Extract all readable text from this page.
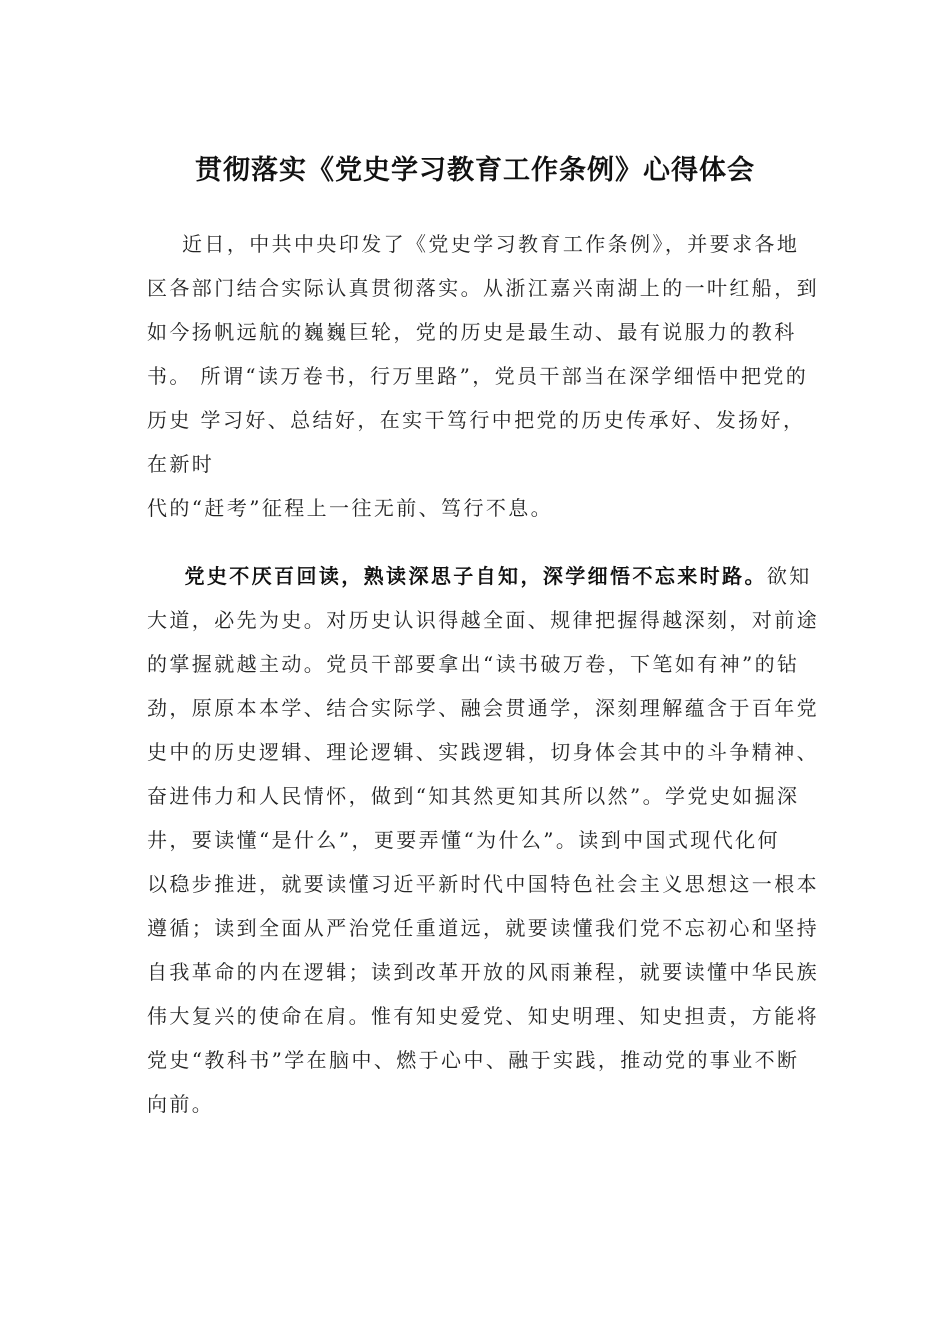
贯彻落实《党史学习教育工作条例》心得体会
近日，中共中央印发了《党史学习教育工作条例》，并要求各地
区各部门结合实际认真贯彻落实。从浙江嘉兴南湖上的一叶红船，到
如今扬帆远航的巍巍巨轮，党的历史是最生动、最有说服力的教科
书。 所谓“读万卷书，行万里路”，党员干部当在深学细悟中把党的
历史 学习好、总结好，在实干笃行中把党的历史传承好、发扬好，
在新时
代的“赶考”征程上一往无前、笃行不息。
党史不厌百回读，熟读深思子自知，深学细悟不忘来时路。欲知
大道，必先为史。对历史认识得越全面、规律把握得越深刻，对前途
的掌握就越主动。党员干部要拿出“读书破万卷，下笔如有神”的钻
劲，原原本本学、结合实际学、融会贯通学，深刻理解蕴含于百年党
史中的历史逻辑、理论逻辑、实践逻辑，切身体会其中的斗争精神、
奋进伟力和人民情怀，做到“知其然更知其所以然”。学党史如掘深
井，要读懂“是什么”，更要弄懂“为什么”。读到中国式现代化何
以稳步推进，就要读懂习近平新时代中国特色社会主义思想这一根本
遵循；读到全面从严治党任重道远，就要读懂我们党不忘初心和坚持
自我革命的内在逻辑；读到改革开放的风雨兼程，就要读懂中华民族
伟大复兴的使命在肩。惟有知史爱党、知史明理、知史担责，方能将
党史“教科书”学在脑中、燃于心中、融于实践，推动党的事业不断
向前。
